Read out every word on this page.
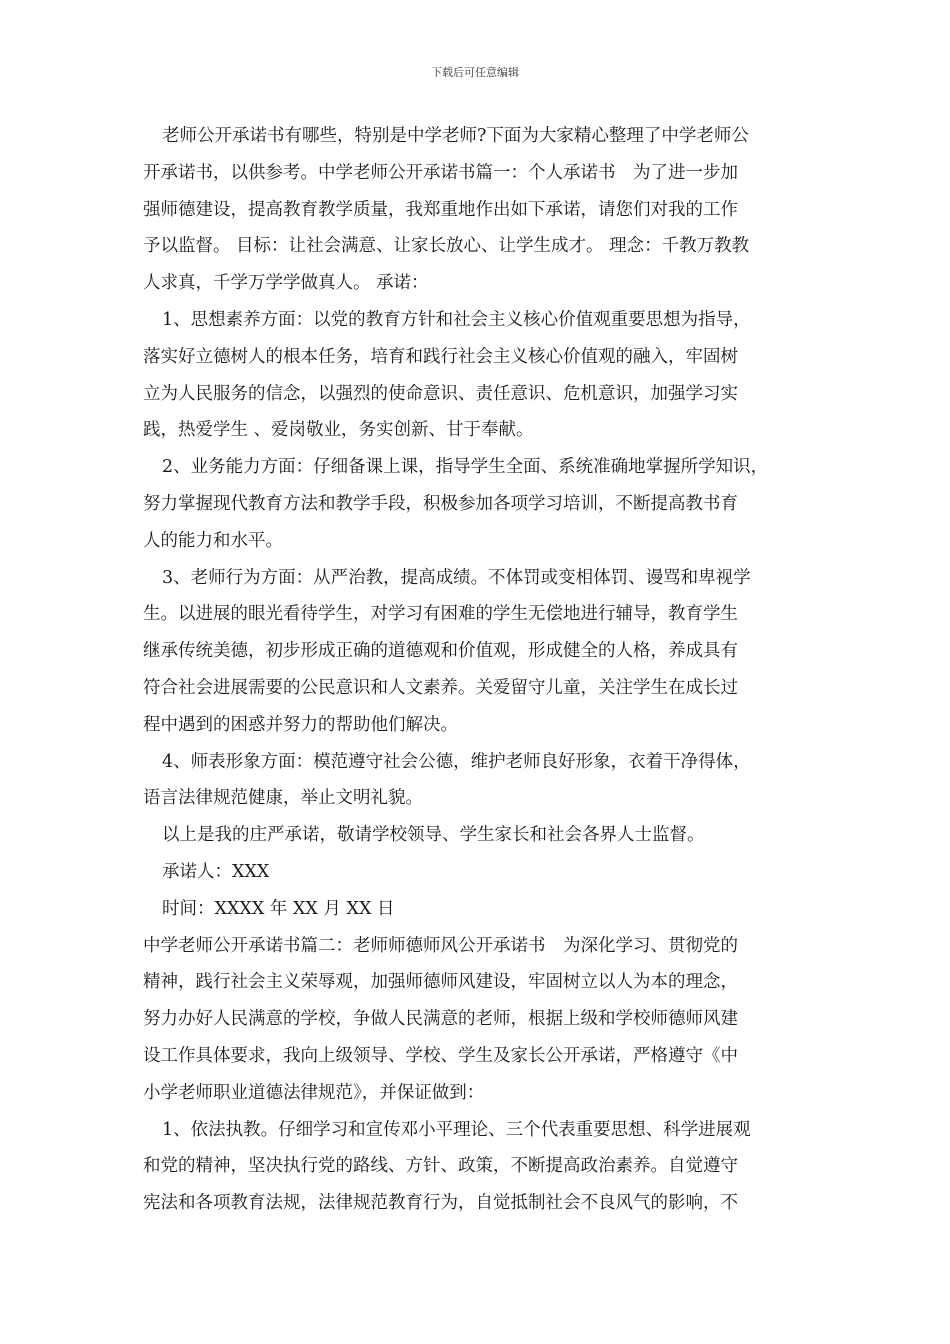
下载后可任意编辑
老师公开承诺书有哪些，特别是中学老师?下面为大家精心整理了中学老师公
开承诺书，以供参考。中学老师公开承诺书篇一：个人承诺书　为了进一步加
强师德建设，提高教育教学质量，我郑重地作出如下承诺，请您们对我的工作
予以监督。 目标：让社会满意、让家长放心、让学生成才。 理念：千教万教教
人求真，千学万学学做真人。 承诺：
1、思想素养方面：以党的教育方针和社会主义核心价值观重要思想为指导，
落实好立德树人的根本任务，培育和践行社会主义核心价值观的融入，牢固树
立为人民服务的信念，以强烈的使命意识、责任意识、危机意识，加强学习实
践，热爱学生 、爱岗敬业，务实创新、甘于奉献。
2、业务能力方面：仔细备课上课，指导学生全面、系统准确地掌握所学知识，
努力掌握现代教育方法和教学手段，积极参加各项学习培训，不断提高教书育
人的能力和水平。
3、老师行为方面：从严治教，提高成绩。不体罚或变相体罚、谩骂和卑视学
生。以进展的眼光看待学生，对学习有困难的学生无偿地进行辅导，教育学生
继承传统美德，初步形成正确的道德观和价值观，形成健全的人格，养成具有
符合社会进展需要的公民意识和人文素养。关爱留守儿童，关注学生在成长过
程中遇到的困惑并努力的帮助他们解决。
4、师表形象方面：模范遵守社会公德，维护老师良好形象，衣着干净得体，
语言法律规范健康，举止文明礼貌。
以上是我的庄严承诺，敬请学校领导、学生家长和社会各界人士监督。
承诺人：XXX
时间：XXXX 年 XX 月 XX 日
中学老师公开承诺书篇二：老师师德师风公开承诺书　为深化学习、贯彻党的
精神，践行社会主义荣辱观，加强师德师风建设，牢固树立以人为本的理念，
努力办好人民满意的学校，争做人民满意的老师，根据上级和学校师德师风建
设工作具体要求，我向上级领导、学校、学生及家长公开承诺，严格遵守《中
小学老师职业道德法律规范》，并保证做到：
1、依法执教。仔细学习和宣传邓小平理论、三个代表重要思想、科学进展观
和党的精神，坚决执行党的路线、方针、政策，不断提高政治素养。自觉遵守
宪法和各项教育法规，法律规范教育行为，自觉抵制社会不良风气的影响，不
